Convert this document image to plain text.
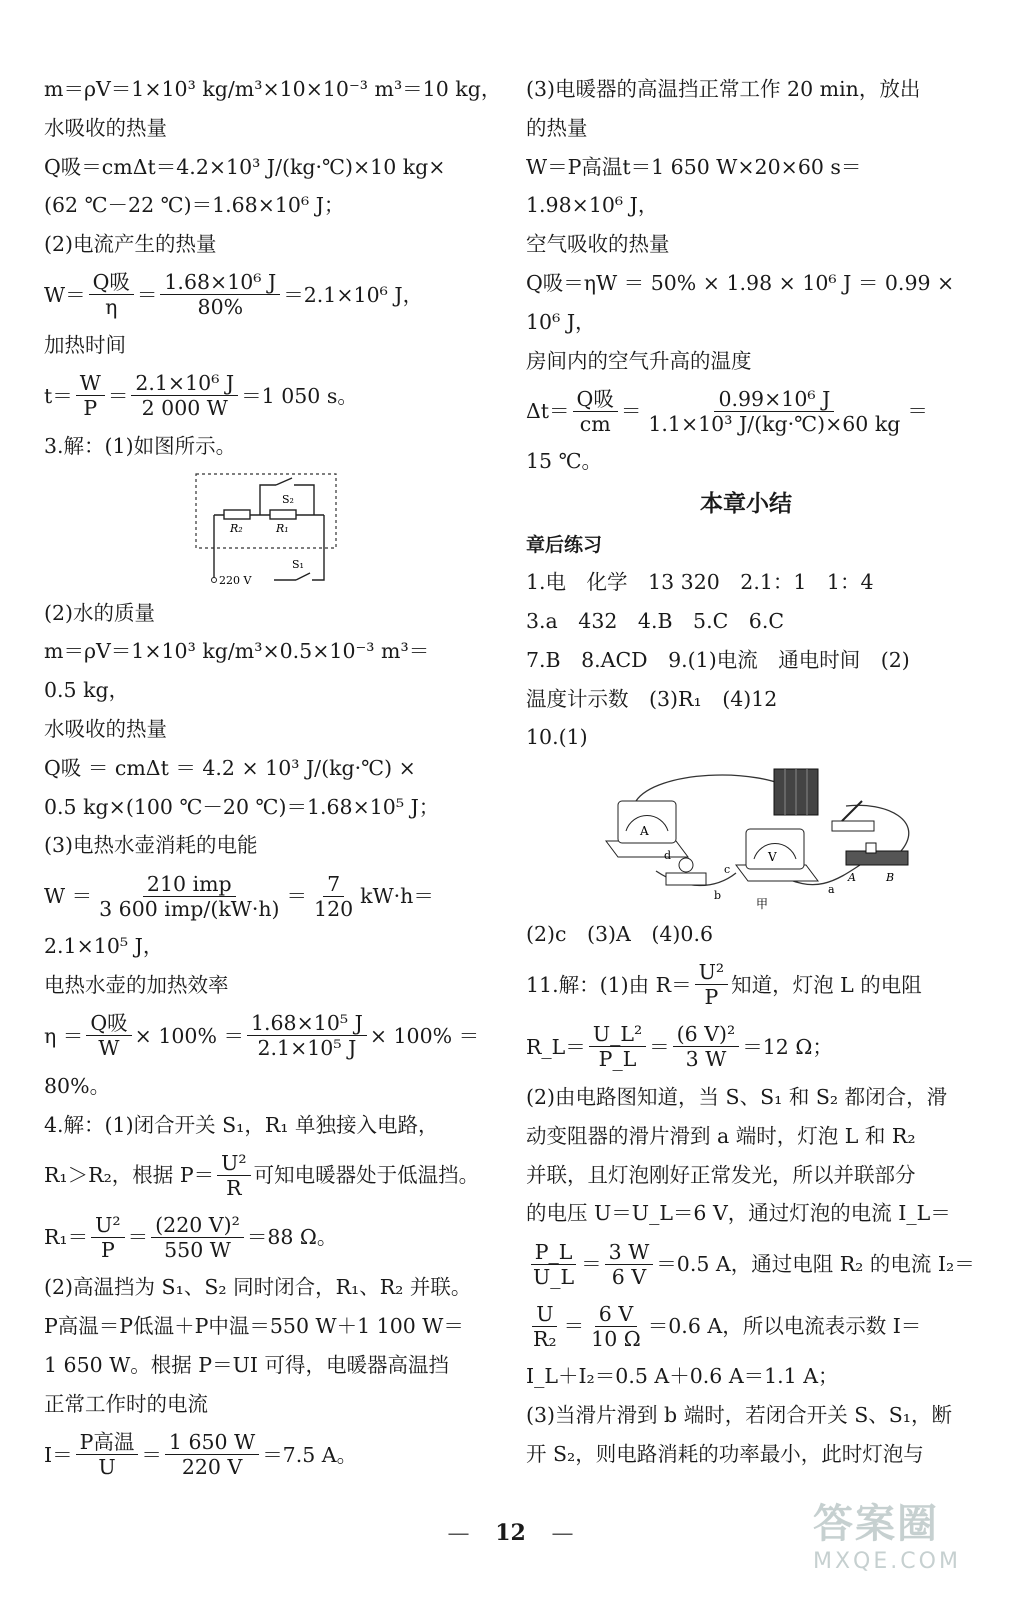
m＝ρV＝1×10³ kg/m³×10×10⁻³ m³＝10 kg，
水吸收的热量
Q吸＝cmΔt＝4.2×10³ J/(kg·℃)×10 kg×
(62 ℃－22 ℃)＝1.68×10⁶ J；
(2)电流产生的热量
$W= \frac{\text{Q吸}}{\eta} = \frac{\text{1.68×10⁶ J}}{80\%} =2.1\times 10^6$ J，
加热时间
$t= \frac{W}{P} = \frac{\text{2.1×10⁶ J}}{2 000 W} =1$ 050 s。
3.解：(1)如图所示。
S₂
R₂	R₁
S₁
220 V
(2)水的质量
m＝ρV＝1×10³ kg/m³×0.5×10⁻³ m³＝
0.5 kg，
水吸收的热量
Q吸 ＝ cmΔt ＝ 4.2 × 10³ J/(kg·℃) ×
0.5 kg×(100 ℃－20 ℃)＝1.68×10⁵ J；
(3)电热水壶消耗的电能
$W = \frac{\text{210 imp}}{\text{3 600 imp/(kW·h)}} = \frac{7}{120} kW\cdot h=$
2.1×10⁵ J，
电热水壶的加热效率
$\eta = \frac{\text{Q吸}}{W} \times 100\% = \frac{\text{1.68×10⁵ J}}{\text{2.1×10⁵ J}} \times 100\%$ ＝
80%。
4.解：(1)闭合开关 S₁，R₁ 单独接入电路，
R₁＞R₂，根据 $P= \frac{\text{U²}}{R}$ 可知电暖器处于低温挡。
$R_1= \frac{\text{U²}}{P} = \frac{\text{(220 V)²}}{550 W} =88$ Ω。
(2)高温挡为 S₁、S₂ 同时闭合，R₁、R₂ 并联。
P高温＝P低温＋P中温＝550 W＋1 100 W＝
1 650 W。根据 P＝UI 可得，电暖器高温挡
正常工作时的电流
$I= \frac{\text{P高温}}{U} = \frac{1 650 W}{220 V} =7.5$ A。
(3)电暖器的高温挡正常工作 20 min，放出
的热量
W＝P高温t＝1 650 W×20×60 s＝
1.98×10⁶ J，
空气吸收的热量
Q吸＝ηW ＝ 50% × 1.98 × 10⁶ J ＝ 0.99 ×
10⁶ J，
房间内的空气升高的温度
$\Delta t= \frac{\text{Q吸}}{cm} = \frac{\text{0.99×10⁶ J}}{\text{1.1×10³ J/(kg·℃)×60 kg}}$ ＝
15 ℃。
本章小结
章后练习
1.电　化学　13 320　2.1：1　1：4
3.a　432　4.B　5.C　6.C
7.B　8.ACD　9.(1)电流　通电时间　(2)
温度计示数　(3)R₁　(4)12
10.(1)
A
V
A	B
d
c
b	a
甲
(2)c　(3)A　(4)0.6
11.解：(1)由 $R= \frac{\text{U²}}{P}$ 知道，灯泡 L 的电阻
R_L＝ $\frac{\text{U\_L²}}{P\_L} = \frac{\text{(6 V)²}}{3 W} =12$ Ω；
(2)由电路图知道，当 S、S₁ 和 S₂ 都闭合，滑
动变阻器的滑片滑到 a 端时，灯泡 L 和 R₂
并联，且灯泡刚好正常发光，所以并联部分
的电压 U＝U_L＝6 V，通过灯泡的电流 I_L＝
$\frac{P\_L}{U\_L} = \frac{3 W}{6 V} =0.5$ A，通过电阻 R₂ 的电流 I₂＝
$\frac{U}{\text{R₂}} = \frac{6 V}{10 \Omega} =0.6$ A，所以电流表示数 I＝
I_L＋I₂＝0.5 A＋0.6 A＝1.1 A；
(3)当滑片滑到 b 端时，若闭合开关 S、S₁，断
开 S₂，则电路消耗的功率最小，此时灯泡与
— 12 —	答案圈
MXQE.COM
